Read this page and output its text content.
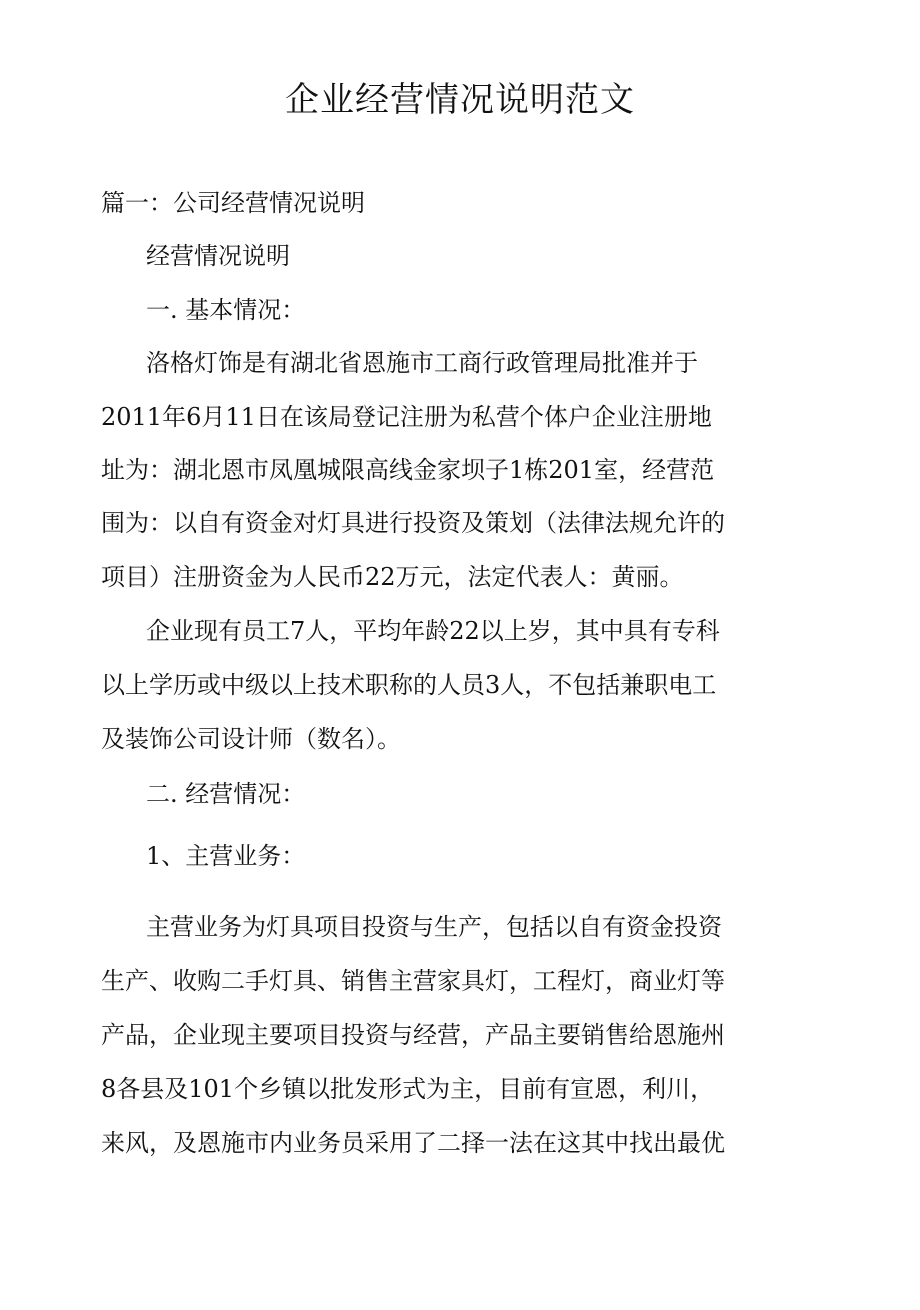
企业经营情况说明范文

篇一：公司经营情况说明

经营情况说明

一. 基本情况：

洛格灯饰是有湖北省恩施市工商行政管理局批准并于

2011年6月11日在该局登记注册为私营个体户企业注册地

址为：湖北恩市凤凰城限高线金家坝子1栋201室，经营范

围为：以自有资金对灯具进行投资及策划（法律法规允许的

项目）注册资金为人民币22万元，法定代表人：黄丽。

企业现有员工7人，平均年龄22以上岁，其中具有专科

以上学历或中级以上技术职称的人员3人，不包括兼职电工

及装饰公司设计师（数名）。

二. 经营情况：

1、主营业务：

主营业务为灯具项目投资与生产，包括以自有资金投资

生产、收购二手灯具、销售主营家具灯，工程灯，商业灯等

产品，企业现主要项目投资与经营，产品主要销售给恩施州

8各县及101个乡镇以批发形式为主，目前有宣恩，利川，

来风，及恩施市内业务员采用了二择一法在这其中找出最优
